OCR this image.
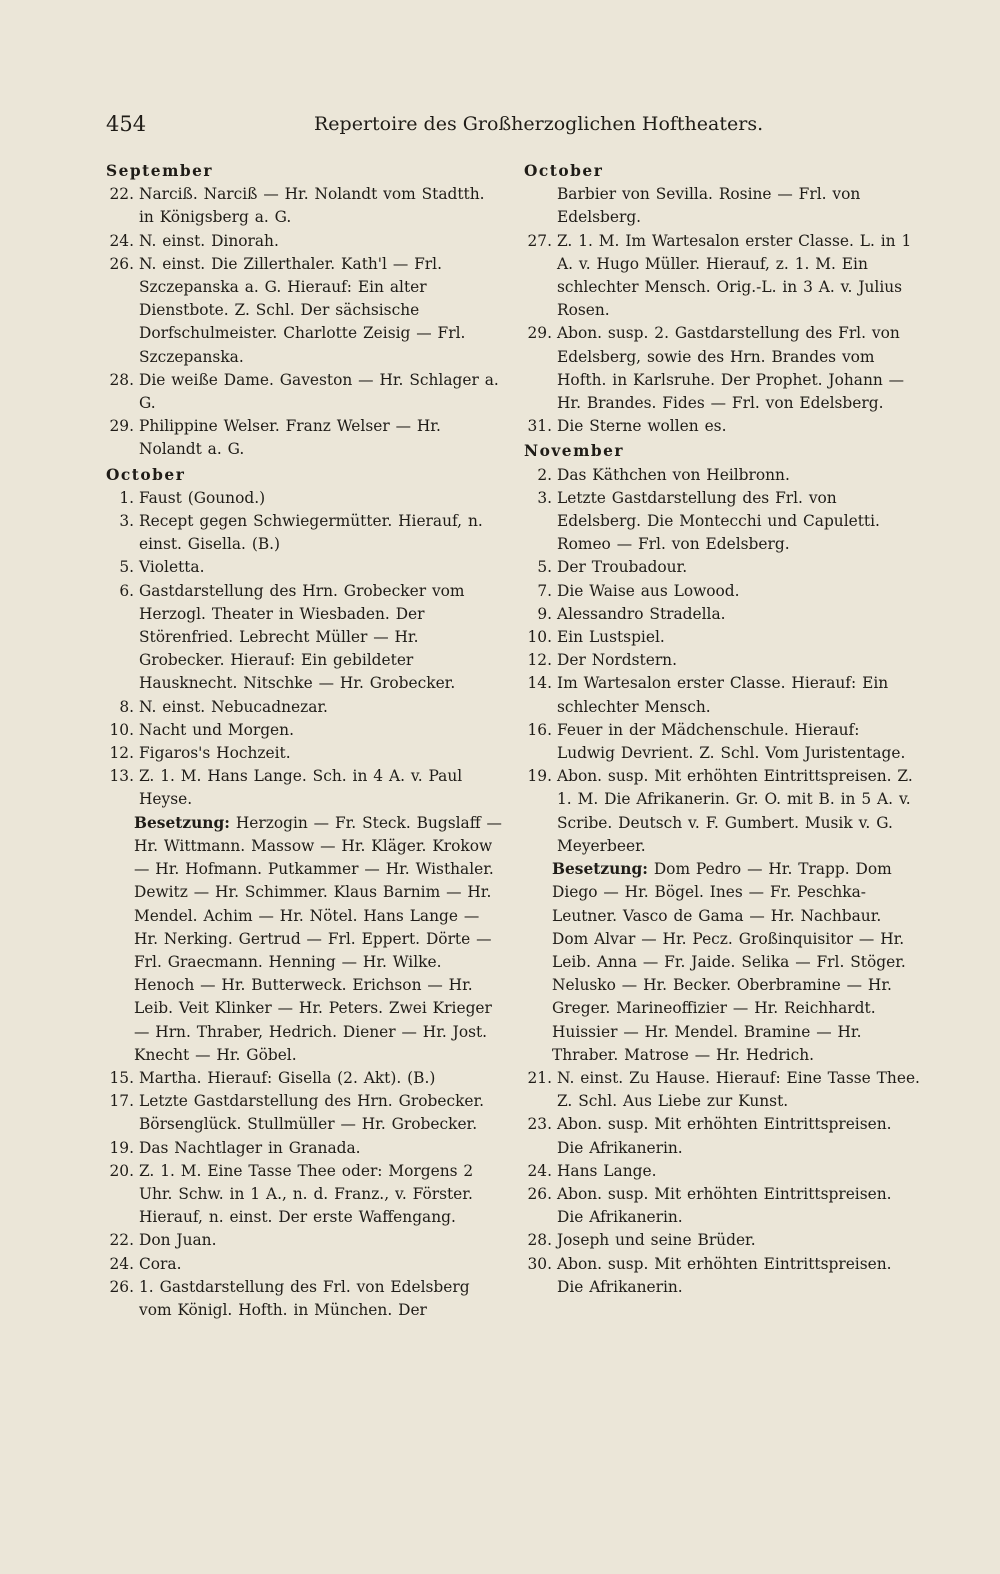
454	Repertoire des Großherzoglichen Hoftheaters.
September
22. Narciß. Narciß — Hr. Nolandt vom Stadtth. in Königsberg a. G.
24. N. einst. Dinorah.
26. N. einst. Die Zillerthaler. Kath'l — Frl. Szczepanska a. G. Hierauf: Ein alter Dienstbote. Z. Schl. Der sächsische Dorfschulmeister. Charlotte Zeisig — Frl. Szczepanska.
28. Die weiße Dame. Gaveston — Hr. Schlager a. G.
29. Philippine Welser. Franz Welser — Hr. Nolandt a. G.
October
1. Faust (Gounod.)
3. Recept gegen Schwiegermütter. Hierauf, n. einst. Gisella. (B.)
5. Violetta.
6. Gastdarstellung des Hrn. Grobecker vom Herzogl. Theater in Wiesbaden. Der Störenfried. Lebrecht Müller — Hr. Grobecker. Hierauf: Ein gebildeter Hausknecht. Nitschke — Hr. Grobecker.
8. N. einst. Nebucadnezar.
10. Nacht und Morgen.
12. Figaros's Hochzeit.
13. Z. 1. M. Hans Lange. Sch. in 4 A. v. Paul Heyse.
Besetzung: Herzogin — Fr. Steck. Bugslaff — Hr. Wittmann. Massow — Hr. Kläger. Krokow — Hr. Hofmann. Putkammer — Hr. Wisthaler. Dewitz — Hr. Schimmer. Klaus Barnim — Hr. Mendel. Achim — Hr. Nötel. Hans Lange — Hr. Nerking. Gertrud — Frl. Eppert. Dörte — Frl. Graecmann. Henning — Hr. Wilke. Henoch — Hr. Butterweck. Erichson — Hr. Leib. Veit Klinker — Hr. Peters. Zwei Krieger — Hrn. Thraber, Hedrich. Diener — Hr. Jost. Knecht — Hr. Göbel.
15. Martha. Hierauf: Gisella (2. Akt). (B.)
17. Letzte Gastdarstellung des Hrn. Grobecker. Börsenglück. Stullmüller — Hr. Grobecker.
19. Das Nachtlager in Granada.
20. Z. 1. M. Eine Tasse Thee oder: Morgens 2 Uhr. Schw. in 1 A., n. d. Franz., v. Förster. Hierauf, n. einst. Der erste Waffengang.
22. Don Juan.
24. Cora.
26. 1. Gastdarstellung des Frl. von Edelsberg vom Königl. Hofth. in München. Der
October
Barbier von Sevilla. Rosine — Frl. von Edelsberg.
27. Z. 1. M. Im Wartesalon erster Classe. L. in 1 A. v. Hugo Müller. Hierauf, z. 1. M. Ein schlechter Mensch. Orig.-L. in 3 A. v. Julius Rosen.
29. Abon. susp. 2. Gastdarstellung des Frl. von Edelsberg, sowie des Hrn. Brandes vom Hofth. in Karlsruhe. Der Prophet. Johann — Hr. Brandes. Fides — Frl. von Edelsberg.
31. Die Sterne wollen es.
November
2. Das Käthchen von Heilbronn.
3. Letzte Gastdarstellung des Frl. von Edelsberg. Die Montecchi und Capuletti. Romeo — Frl. von Edelsberg.
5. Der Troubadour.
7. Die Waise aus Lowood.
9. Alessandro Stradella.
10. Ein Lustspiel.
12. Der Nordstern.
14. Im Wartesalon erster Classe. Hierauf: Ein schlechter Mensch.
16. Feuer in der Mädchenschule. Hierauf: Ludwig Devrient. Z. Schl. Vom Juristentage.
19. Abon. susp. Mit erhöhten Eintrittspreisen. Z. 1. M. Die Afrikanerin. Gr. O. mit B. in 5 A. v. Scribe. Deutsch v. F. Gumbert. Musik v. G. Meyerbeer.
Besetzung: Dom Pedro — Hr. Trapp. Dom Diego — Hr. Bögel. Ines — Fr. Peschka-Leutner. Vasco de Gama — Hr. Nachbaur. Dom Alvar — Hr. Pecz. Großinquisitor — Hr. Leib. Anna — Fr. Jaide. Selika — Frl. Stöger. Nelusko — Hr. Becker. Oberbramine — Hr. Greger. Marineoffizier — Hr. Reichhardt. Huissier — Hr. Mendel. Bramine — Hr. Thraber. Matrose — Hr. Hedrich.
21. N. einst. Zu Hause. Hierauf: Eine Tasse Thee. Z. Schl. Aus Liebe zur Kunst.
23. Abon. susp. Mit erhöhten Eintrittspreisen. Die Afrikanerin.
24. Hans Lange.
26. Abon. susp. Mit erhöhten Eintrittspreisen. Die Afrikanerin.
28. Joseph und seine Brüder.
30. Abon. susp. Mit erhöhten Eintrittspreisen. Die Afrikanerin.
